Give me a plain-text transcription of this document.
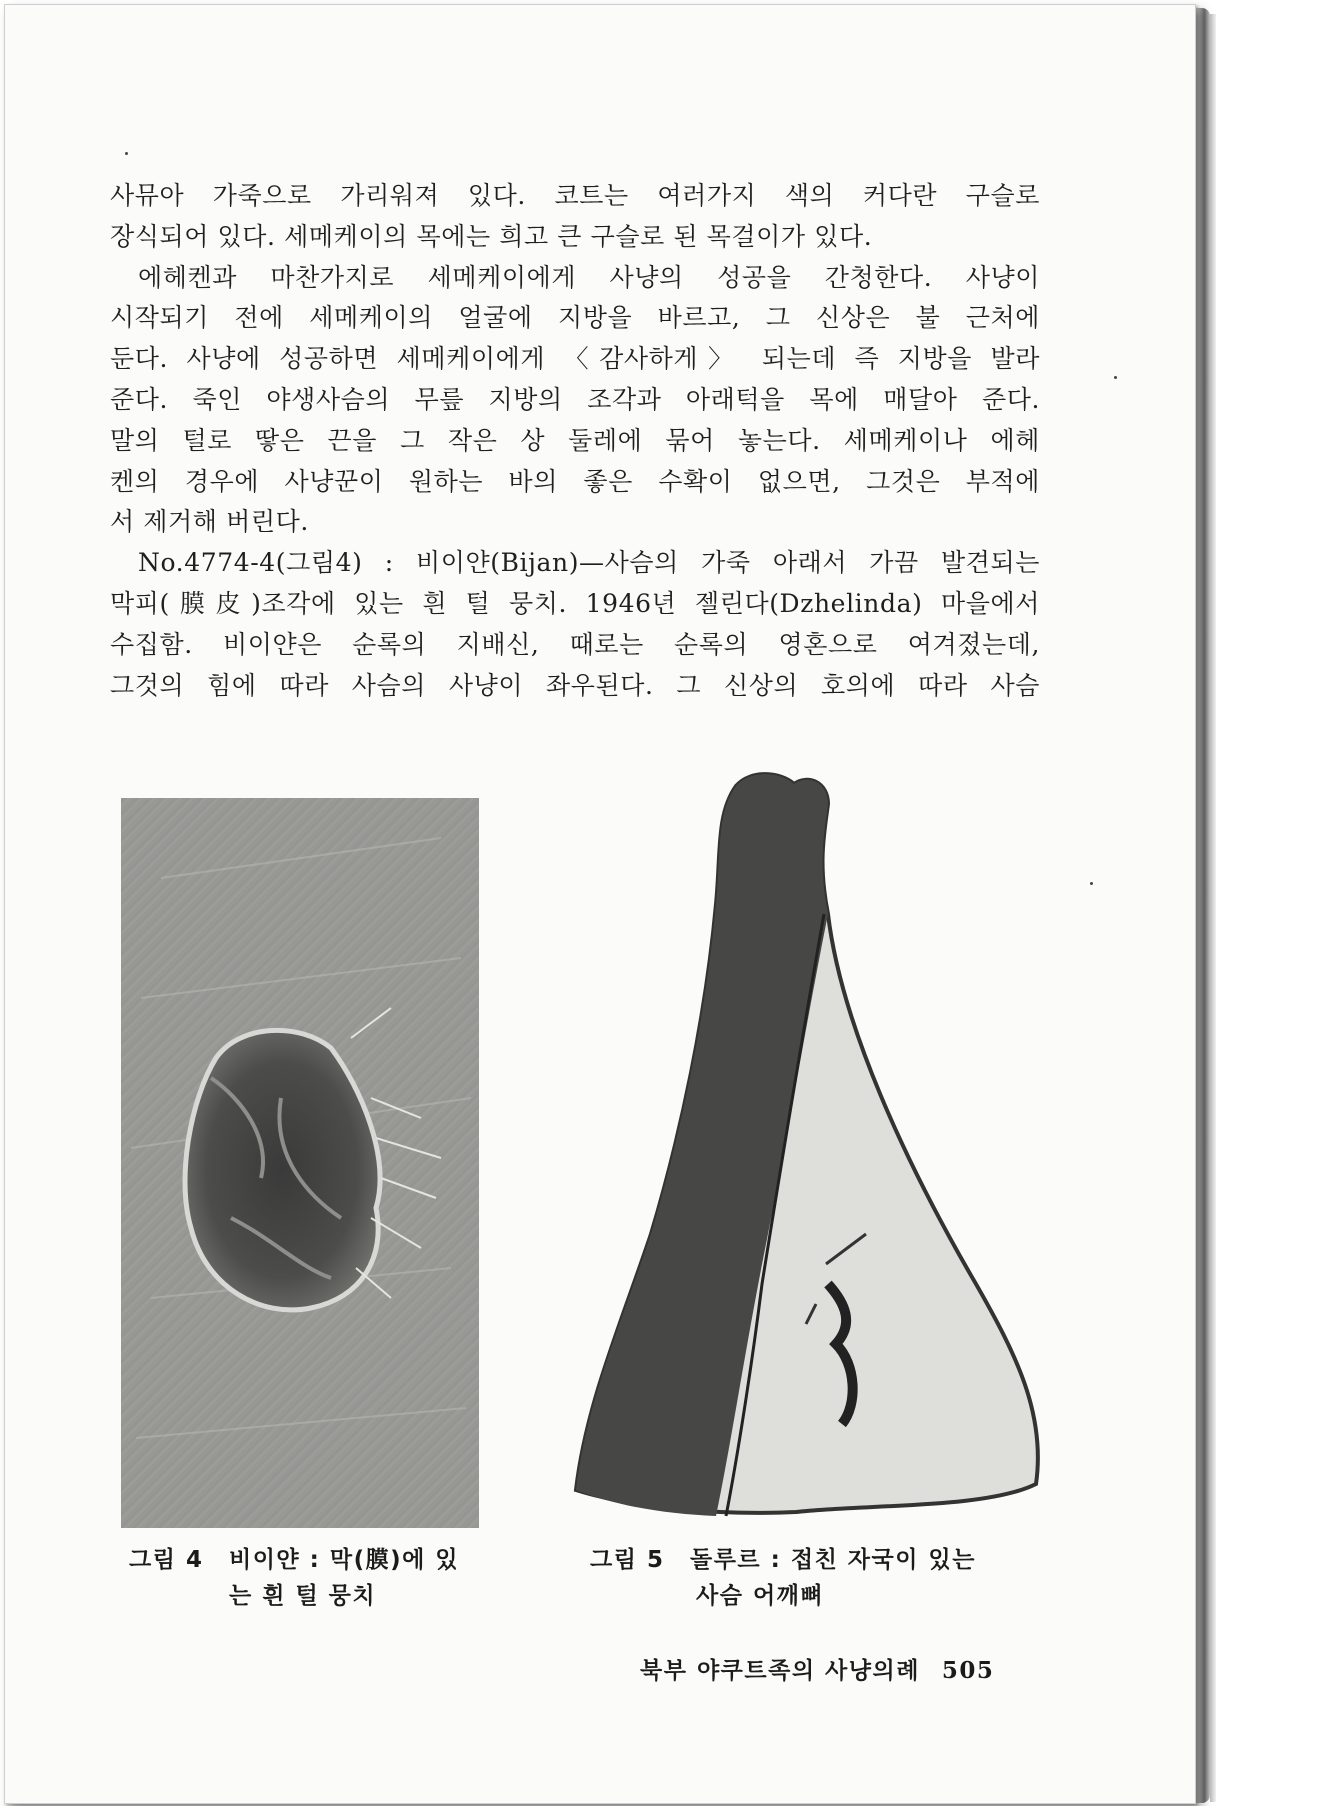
사뮤아 가죽으로 가리워져 있다. 코트는 여러가지 색의 커다란 구슬로
장식되어 있다. 세메케이의 목에는 희고 큰 구슬로 된 목걸이가 있다.
에헤켄과 마찬가지로 세메케이에게 사냥의 성공을 간청한다. 사냥이
시작되기 전에 세메케이의 얼굴에 지방을 바르고, 그 신상은 불 근처에
둔다. 사냥에 성공하면 세메케이에게 〈감사하게〉 되는데 즉 지방을 발라
준다. 죽인 야생사슴의 무릎 지방의 조각과 아래턱을 목에 매달아 준다.
말의 털로 땋은 끈을 그 작은 상 둘레에 묶어 놓는다. 세메케이나 에헤
켄의 경우에 사냥꾼이 원하는 바의 좋은 수확이 없으면, 그것은 부적에
서 제거해 버린다.
No.4774-4(그림4) : 비이얀(Bijan)—사슴의 가죽 아래서 가끔 발견되는
막피(膜皮)조각에 있는 흰 털 뭉치. 1946년 젤린다(Dzhelinda) 마을에서
수집함. 비이얀은 순록의 지배신, 때로는 순록의 영혼으로 여겨졌는데,
그것의 힘에 따라 사슴의 사냥이 좌우된다. 그 신상의 호의에 따라 사슴
그림 4 비이얀 : 막(膜)에 있
는 흰 털 뭉치
그림 5 돌루르 : 접친 자국이 있는
사슴 어깨뼈
북부 야쿠트족의 사냥의례 505
